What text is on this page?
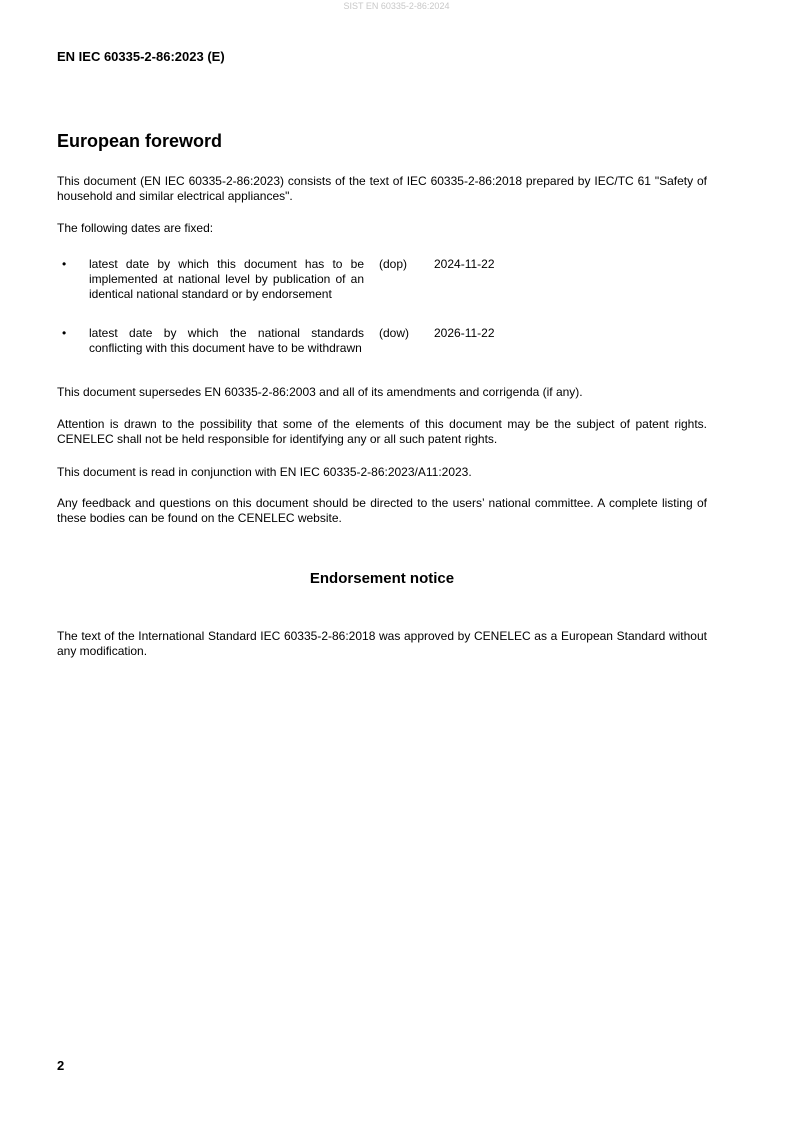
SIST EN 60335-2-86:2024
EN IEC 60335-2-86:2023 (E)
European foreword
This document (EN IEC 60335-2-86:2023) consists of the text of IEC 60335-2-86:2018 prepared by IEC/TC 61 "Safety of household and similar electrical appliances".
The following dates are fixed:
• latest date by which this document has to be implemented at national level by publication of an identical national standard or by endorsement
(dop) 2024-11-22
• latest date by which the national standards conflicting with this document have to be withdrawn
(dow) 2026-11-22
This document supersedes EN 60335-2-86:2003 and all of its amendments and corrigenda (if any).
Attention is drawn to the possibility that some of the elements of this document may be the subject of patent rights. CENELEC shall not be held responsible for identifying any or all such patent rights.
This document is read in conjunction with EN IEC 60335-2-86:2023/A11:2023.
Any feedback and questions on this document should be directed to the users’ national committee. A complete listing of these bodies can be found on the CENELEC website.
Endorsement notice
The text of the International Standard IEC 60335-2-86:2018 was approved by CENELEC as a European Standard without any modification.
2
